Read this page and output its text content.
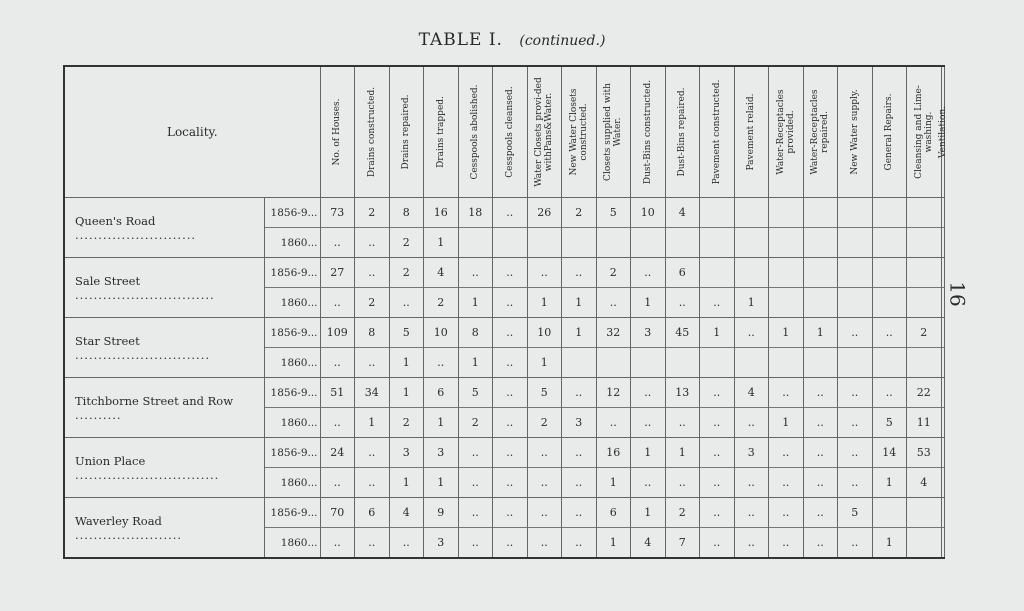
TABLE I. (continued.)
16
Locality.		No. of Houses.	Drains constructed.	Drains repaired.	Drains trapped.	Cesspools abolished.	Cesspools cleansed.	Water Closets provi-ded withPans&Water.	New Water Closets constructed.	Closets supplied with Water.	Dust-Bins constructed.	Dust-Bins repaired.	Pavement constructed.	Pavement relaid.	Water-Receptacles provided.	Water-Receptacles repaired.	New Water supply.	General Repairs.	Cleansing and Lime-washing.	Ventilation.

Queen's Road ..........................	1856-9...	73	2	8	16	18	..	26	2	5	10	4								
	1860...	..	..	2	1															
Sale Street ..............................	1856-9...	27	..	2	4	..	..	..	..	2	..	6								
	1860...	..	2	..	2	1	..	1	1	..	1	..	..	1						
Star Street .............................	1856-9...	109	8	5	10	8	..	10	1	32	3	45	1	..	1	1	..	..	2	
	1860...	..	..	1	..	1	..	1												
Titchborne Street and Row ..........	1856-9...	51	34	1	6	5	..	5	..	12	..	13	..	4	..	..	..	..	22	
	1860...	..	1	2	1	2	..	2	3	..	..	..	..	..	1	..	..	5	11	
Union Place ...............................	1856-9...	24	..	3	3	..	..	..	..	16	1	1	..	3	..	..	..	14	53	
	1860...	..	..	1	1	..	..	..	..	1	..	..	..	..	..	..	..	1	4	
Waverley Road .......................	1856-9...	70	6	4	9	..	..	..	..	6	1	2	..	..	..	..	5			
	1860...	..	..	..	3	..	..	..	..	1	4	7	..	..	..	..	..	1		
